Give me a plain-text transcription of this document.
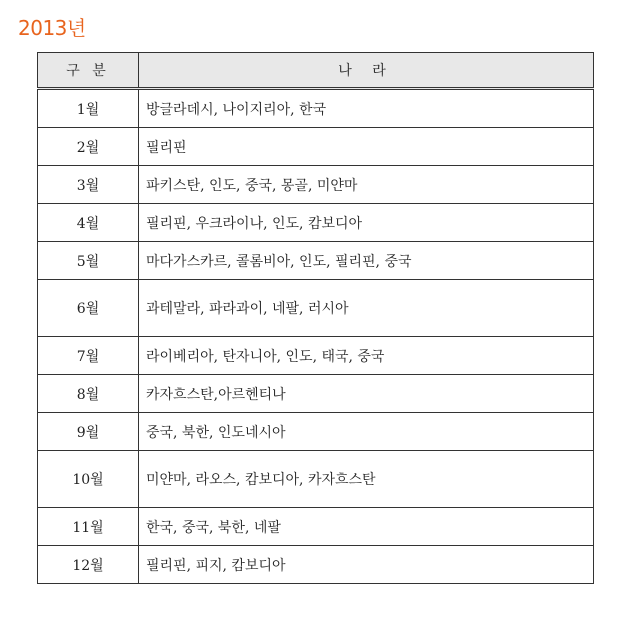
2013년
구 분	나 라
1월	방글라데시, 나이지리아, 한국
2월	필리핀
3월	파키스탄, 인도, 중국, 몽골, 미얀마
4월	필리핀, 우크라이나, 인도, 캄보디아
5월	마다가스카르, 콜롬비아, 인도, 필리핀, 중국
6월	과테말라, 파라과이, 네팔, 러시아
7월	라이베리아, 탄자니아, 인도, 태국, 중국
8월	카자흐스탄,아르헨티나
9월	중국, 북한, 인도네시아
10월	미얀마, 라오스, 캄보디아, 카자흐스탄
11월	한국, 중국, 북한, 네팔
12월	필리핀, 피지, 캄보디아
